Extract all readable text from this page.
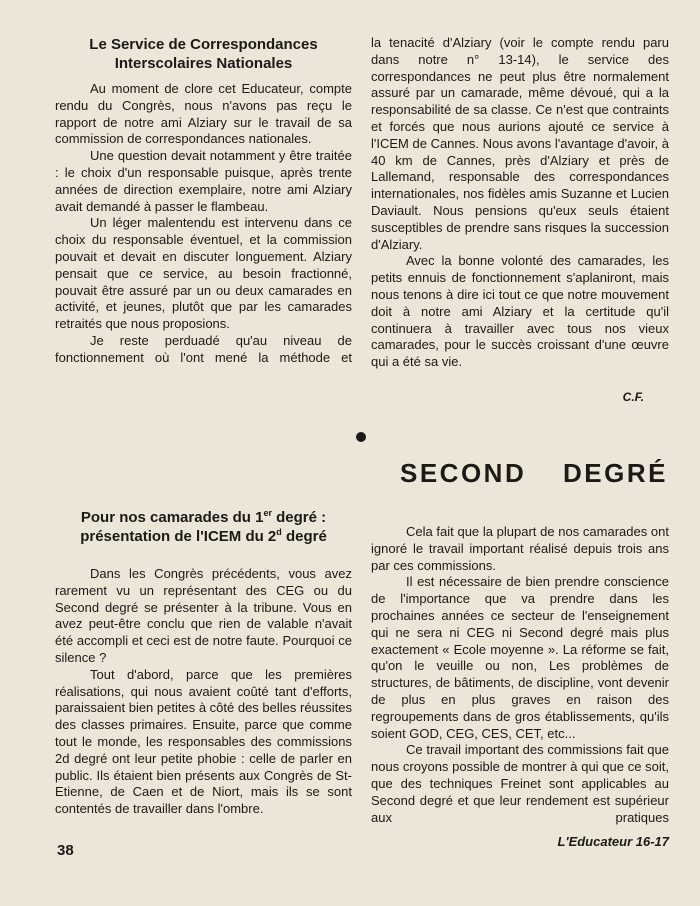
Le Service de Correspondances
Interscolaires Nationales

Au moment de clore cet Educateur, compte rendu du Congrès, nous n'avons pas reçu le rapport de notre ami Alziary sur le travail de sa commission de correspondances nationales.

Une question devait notamment y être traitée : le choix d'un responsable puisque, après trente années de direction exemplaire, notre ami Alziary avait demandé à passer le flambeau.

Un léger malentendu est intervenu dans ce choix du responsable éventuel, et la commission pouvait et devait en discuter longuement. Alziary pensait que ce service, au besoin fractionné, pouvait être assuré par un ou deux camarades en activité, et jeunes, plutôt que par les camarades retraités que nous proposions.

Je reste perduadé qu'au niveau de fonctionnement où l'ont mené la méthode et

la tenacité d'Alziary (voir le compte rendu paru dans notre n° 13-14), le service des correspondances ne peut plus être normalement assuré par un camarade, même dévoué, qui a la responsabilité de sa classe. Ce n'est que contraints et forcés que nous aurions ajouté ce service à l'ICEM de Cannes. Nous avons l'avantage d'avoir, à 40 km de Cannes, près d'Alziary et près de Lallemand, responsable des correspondances internationales, nos fidèles amis Suzanne et Lucien Daviault. Nous pensions qu'eux seuls étaient susceptibles de prendre sans risques la succession d'Alziary.

Avec la bonne volonté des camarades, les petits ennuis de fonctionnement s'aplaniront, mais nous tenons à dire ici tout ce que notre mouvement doit à notre ami Alziary et la certitude qu'il continuera à travailler avec tous nos vieux camarades, pour le succès croissant d'une œuvre qui a été sa vie.

C.F.
SECOND DEGRÉ
Pour nos camarades du 1er degré :
présentation de l'ICEM du 2$^d$ degré

Dans les Congrès précédents, vous avez rarement vu un représentant des CEG ou du Second degré se présenter à la tribune. Vous en avez peut-être conclu que rien de valable n'avait été accompli et ceci est de notre faute. Pourquoi ce silence ?

Tout d'abord, parce que les premières réalisations, qui nous avaient coûté tant d'efforts, paraissaient bien petites à côté des belles réussites des classes primaires. Ensuite, parce que comme tout le monde, les responsables des commissions 2d degré ont leur petite phobie : celle de parler en public. Ils étaient bien présents aux Congrès de St-Etienne, de Caen et de Niort, mais ils se sont contentés de travailler dans l'ombre.

Cela fait que la plupart de nos camarades ont ignoré le travail important réalisé depuis trois ans par ces commissions.

Il est nécessaire de bien prendre conscience de l'importance que va prendre dans les prochaines années ce secteur de l'enseignement qui ne sera ni CEG ni Second degré mais plus exactement « Ecole moyenne ». La réforme se fait, qu'on le veuille ou non, Les problèmes de structures, de bâtiments, de discipline, vont devenir de plus en plus graves en raison des regroupements dans de gros établissements, qu'ils soient GOD, CEG, CES, CET, etc...

Ce travail important des commissions fait que nous croyons possible de montrer à qui que ce soit, que des techniques Freinet sont applicables au Second degré et que leur rendement est supérieur aux pratiques

38
L'Educateur 16-17
